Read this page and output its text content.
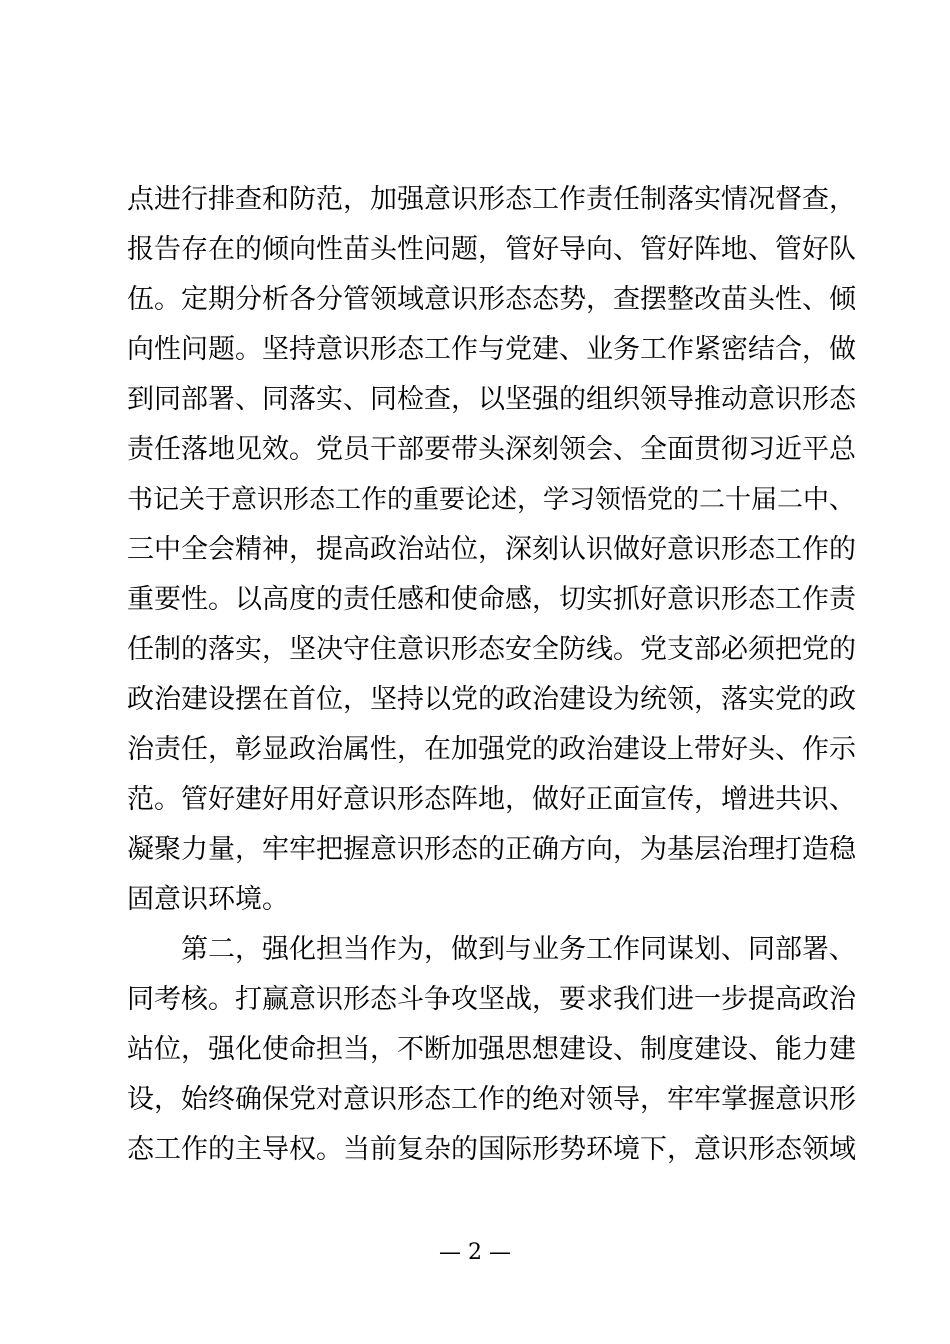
点进行排查和防范，加强意识形态工作责任制落实情况督查，
报告存在的倾向性苗头性问题，管好导向、管好阵地、管好队
伍。定期分析各分管领域意识形态态势，查摆整改苗头性、倾
向性问题。坚持意识形态工作与党建、业务工作紧密结合，做
到同部署、同落实、同检查，以坚强的组织领导推动意识形态
责任落地见效。党员干部要带头深刻领会、全面贯彻习近平总
书记关于意识形态工作的重要论述，学习领悟党的二十届二中、
三中全会精神，提高政治站位，深刻认识做好意识形态工作的
重要性。以高度的责任感和使命感，切实抓好意识形态工作责
任制的落实，坚决守住意识形态安全防线。党支部必须把党的
政治建设摆在首位，坚持以党的政治建设为统领，落实党的政
治责任，彰显政治属性，在加强党的政治建设上带好头、作示
范。管好建好用好意识形态阵地，做好正面宣传，增进共识、
凝聚力量，牢牢把握意识形态的正确方向，为基层治理打造稳
固意识环境。
　　第二，强化担当作为，做到与业务工作同谋划、同部署、
同考核。打赢意识形态斗争攻坚战，要求我们进一步提高政治
站位，强化使命担当，不断加强思想建设、制度建设、能力建
设，始终确保党对意识形态工作的绝对领导，牢牢掌握意识形
态工作的主导权。当前复杂的国际形势环境下，意识形态领域
— 2 —
